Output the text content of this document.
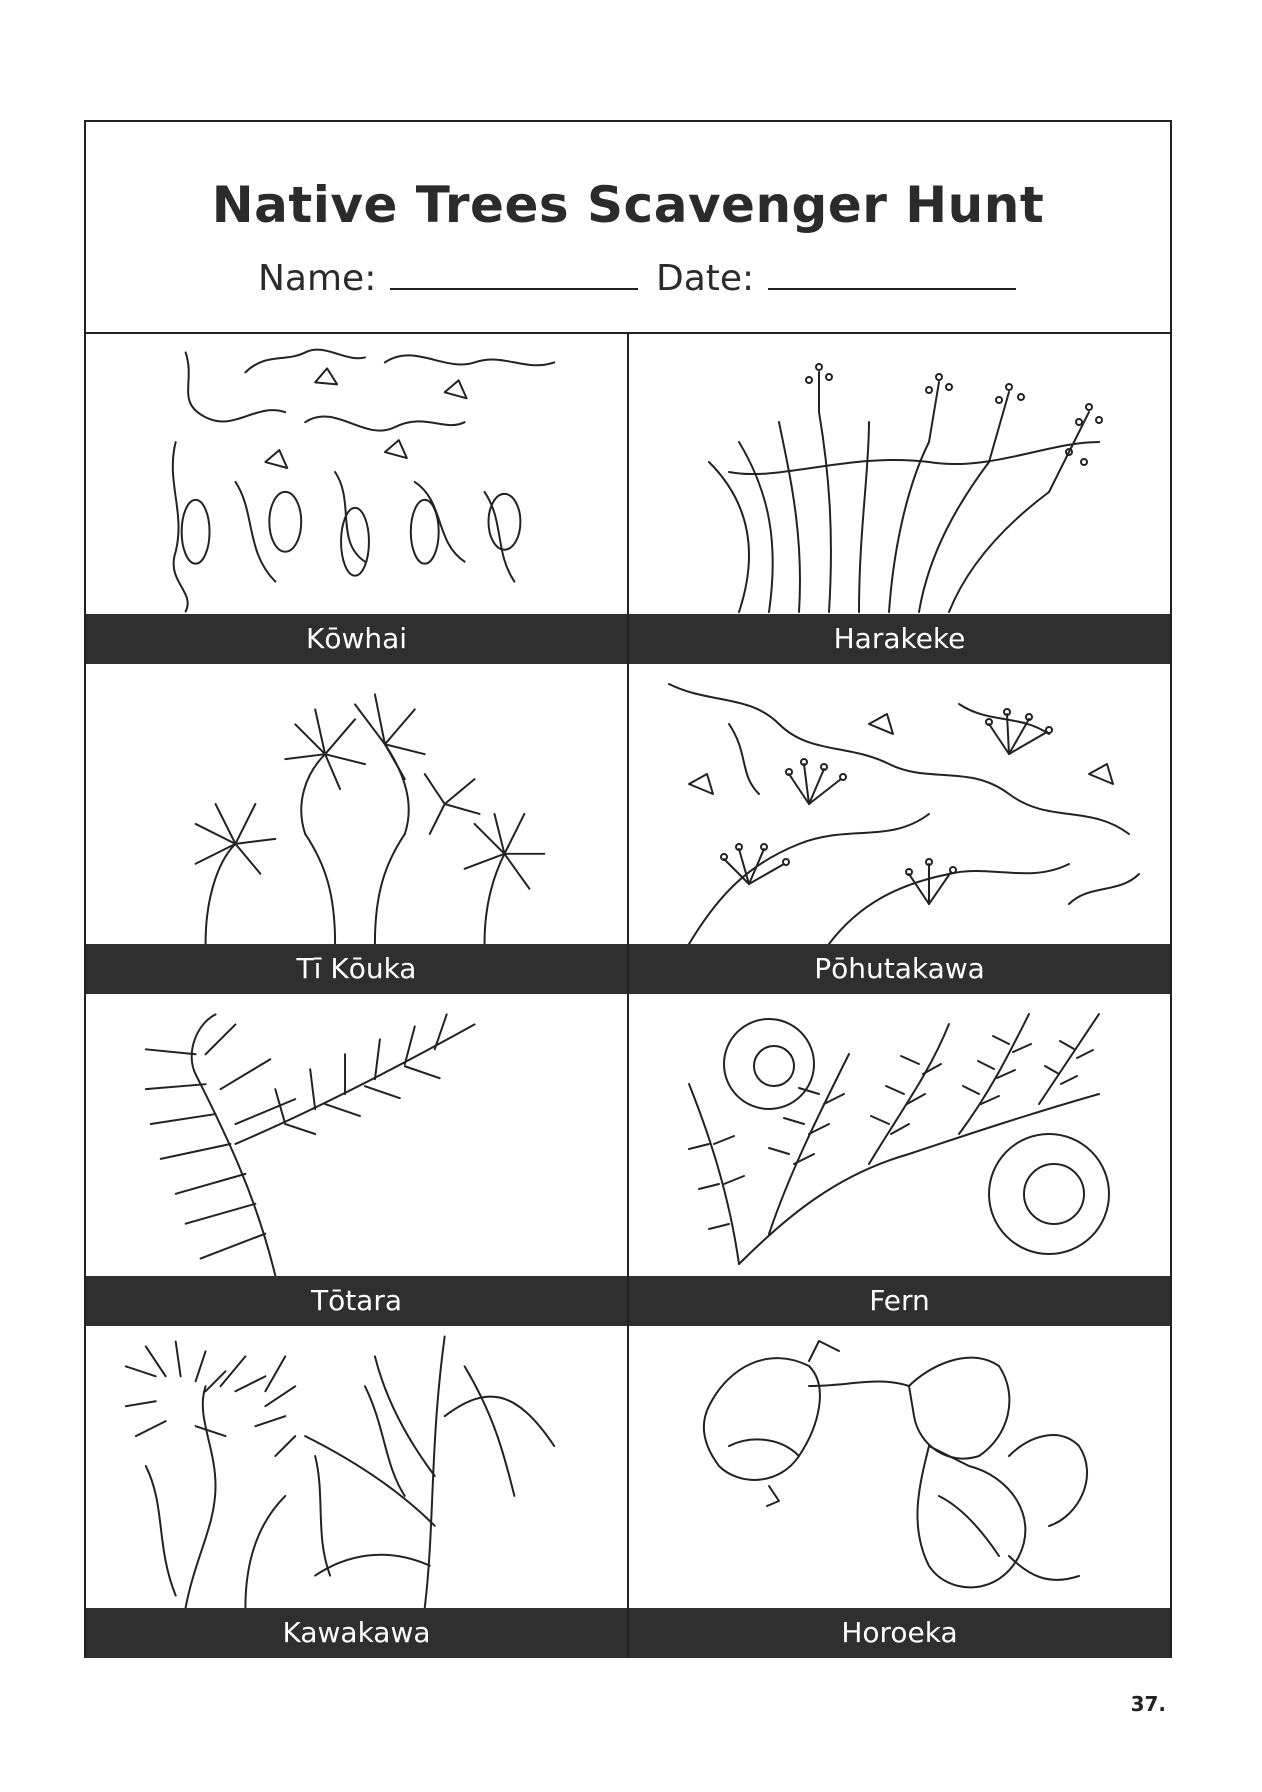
Native Trees Scavenger Hunt
Name:	Date:
Kōwhai	Harakeke
Tī Kōuka	Pōhutakawa
Tōtara	Fern
Kawakawa	Horoeka
37.
